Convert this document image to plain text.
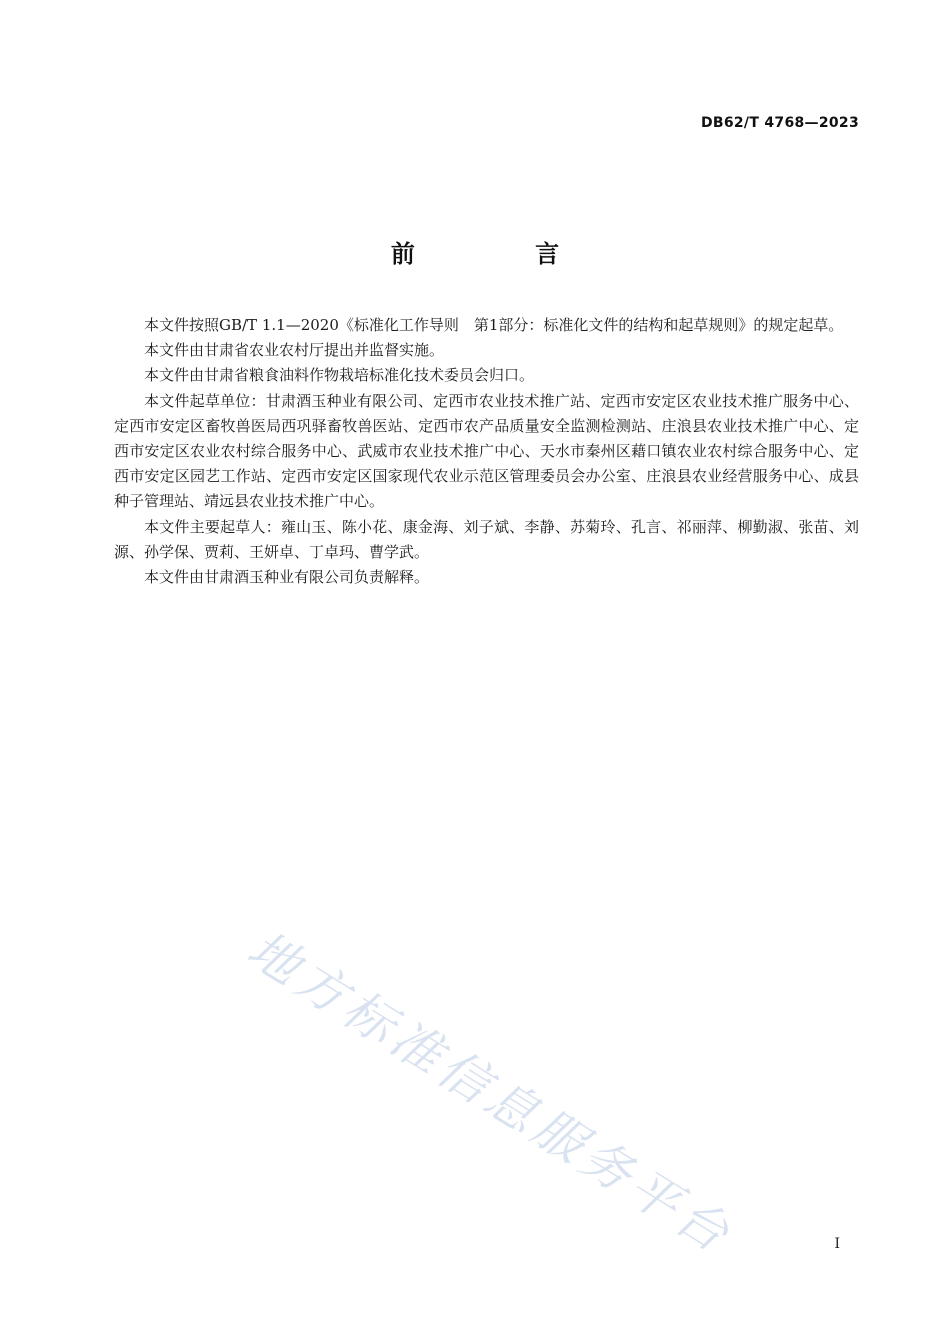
DB62/T 4768—2023
前 言

本文件按照GB/T 1.1—2020《标准化工作导则　第1部分：标准化文件的结构和起草规则》的规定起草。

本文件由甘肃省农业农村厅提出并监督实施。

本文件由甘肃省粮食油料作物栽培标准化技术委员会归口。

本文件起草单位：甘肃酒玉种业有限公司、定西市农业技术推广站、定西市安定区农业技术推广服务中心、定西市安定区畜牧兽医局西巩驿畜牧兽医站、定西市农产品质量安全监测检测站、庄浪县农业技术推广中心、定西市安定区农业农村综合服务中心、武威市农业技术推广中心、天水市秦州区藉口镇农业农村综合服务中心、定西市安定区园艺工作站、定西市安定区国家现代农业示范区管理委员会办公室、庄浪县农业经营服务中心、成县种子管理站、靖远县农业技术推广中心。

本文件主要起草人：雍山玉、陈小花、康金海、刘子斌、李静、苏菊玲、孔言、祁丽萍、柳勤淑、张苗、刘源、孙学保、贾莉、王妍卓、丁卓玛、曹学武。

本文件由甘肃酒玉种业有限公司负责解释。

地方标准信息服务平台	I
